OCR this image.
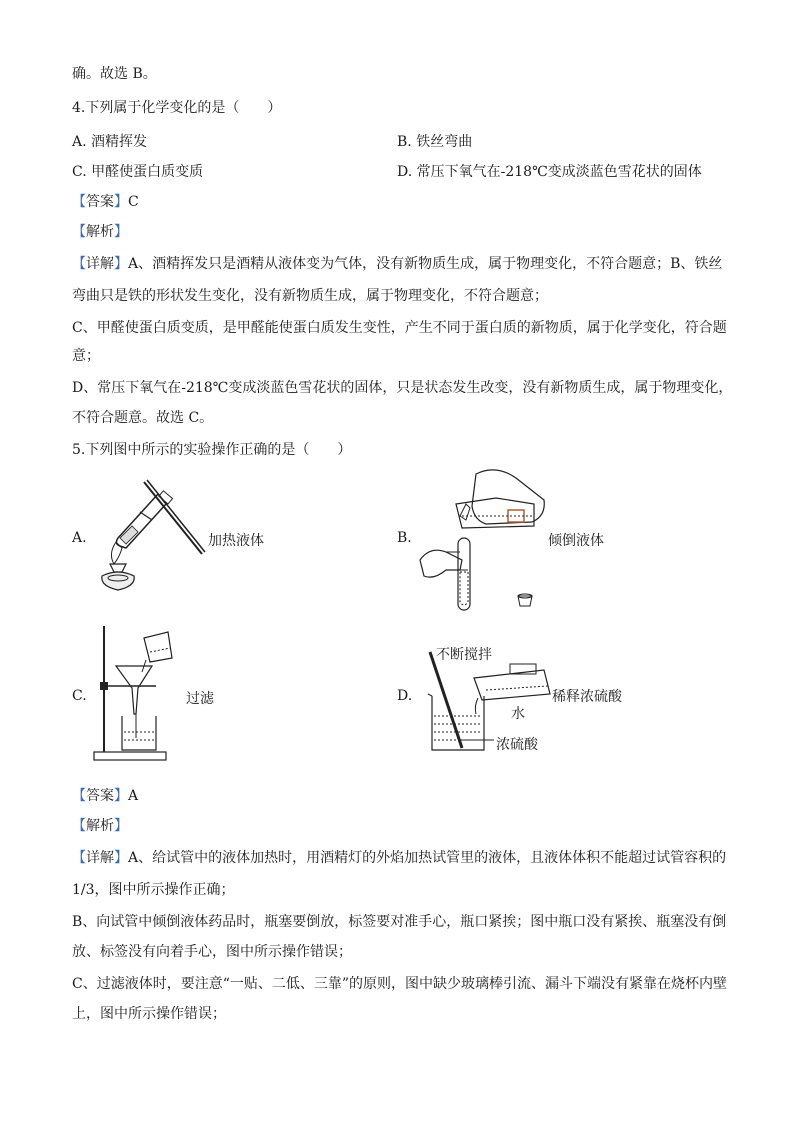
确。故选 B。
4.下列属于化学变化的是（　　）
A. 酒精挥发	B. 铁丝弯曲
C. 甲醛使蛋白质变质	D. 常压下氧气在-218℃变成淡蓝色雪花状的固体
【答案】C
【解析】
【详解】A、酒精挥发只是酒精从液体变为气体，没有新物质生成，属于物理变化，不符合题意；B、铁丝
弯曲只是铁的形状发生变化，没有新物质生成，属于物理变化，不符合题意；
C、甲醛使蛋白质变质，是甲醛能使蛋白质发生变性，产生不同于蛋白质的新物质，属于化学变化，符合题
意；
D、常压下氧气在-218℃变成淡蓝色雪花状的固体，只是状态发生改变，没有新物质生成，属于物理变化，
不符合题意。故选 C。
5.下列图中所示的实验操作正确的是（　　）
A.	加热液体	B.	倾倒液体
C.	过滤	D.
不断搅拌
稀释浓硫酸
水
浓硫酸
【答案】A
【解析】
【详解】A、给试管中的液体加热时，用酒精灯的外焰加热试管里的液体，且液体体积不能超过试管容积的
1/3，图中所示操作正确；
B、向试管中倾倒液体药品时，瓶塞要倒放，标签要对准手心，瓶口紧挨；图中瓶口没有紧挨、瓶塞没有倒
放、标签没有向着手心，图中所示操作错误；
C、过滤液体时，要注意“一贴、二低、三靠”的原则，图中缺少玻璃棒引流、漏斗下端没有紧靠在烧杯内壁
上，图中所示操作错误；
